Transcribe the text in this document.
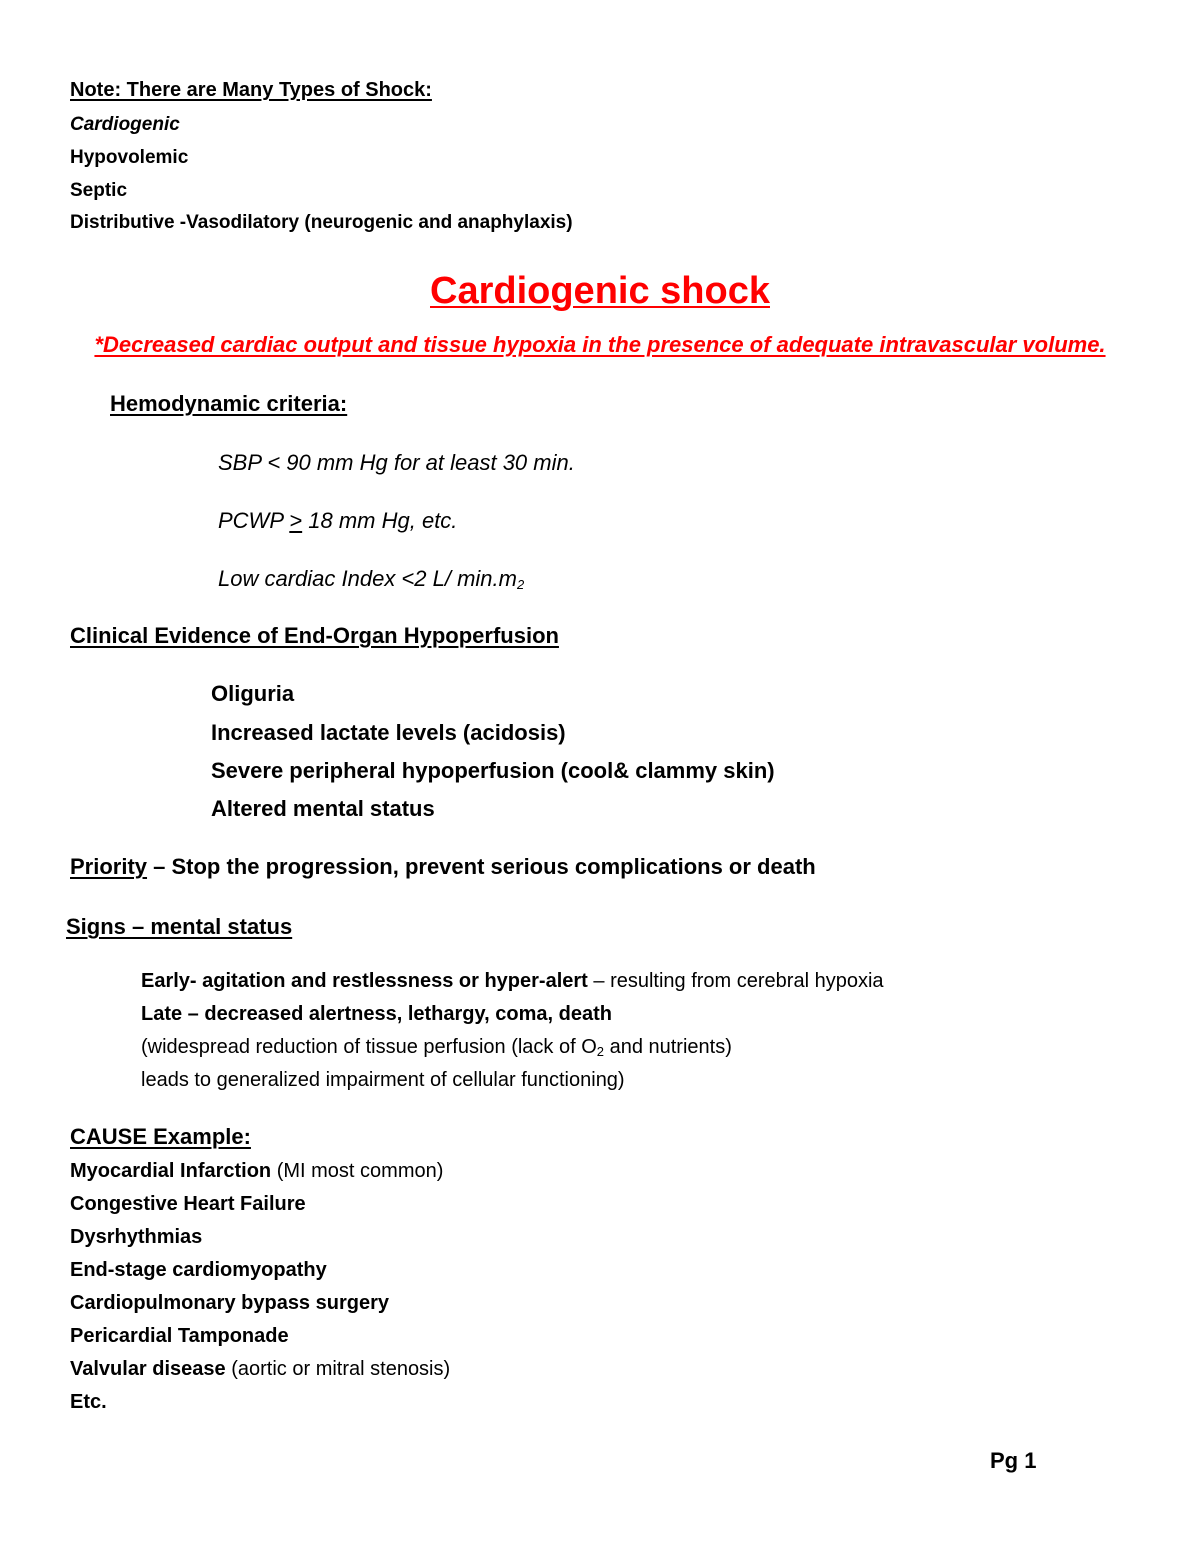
Note: There are Many Types of Shock:
Cardiogenic
Hypovolemic
Septic
Distributive -Vasodilatory (neurogenic and anaphylaxis)
Cardiogenic shock
*Decreased cardiac output and tissue hypoxia in the presence of adequate intravascular volume.
Hemodynamic criteria:
SBP < 90 mm Hg for at least 30 min.
PCWP ≥ 18 mm Hg, etc.
Low cardiac Index <2 L/ min.m2
Clinical Evidence of End-Organ Hypoperfusion
Oliguria
Increased lactate levels (acidosis)
Severe peripheral hypoperfusion (cool& clammy skin)
Altered mental status
Priority – Stop the progression, prevent serious complications or death
Signs – mental status
Early- agitation and restlessness or hyper-alert – resulting from cerebral hypoxia
Late – decreased alertness, lethargy, coma, death
(widespread reduction of tissue perfusion (lack of O2 and nutrients)
leads to generalized impairment of cellular functioning)
CAUSE Example:
Myocardial Infarction (MI most common)
Congestive Heart Failure
Dysrhythmias
End-stage cardiomyopathy
Cardiopulmonary bypass surgery
Pericardial Tamponade
Valvular disease (aortic or mitral stenosis)
Etc.
Pg 1
